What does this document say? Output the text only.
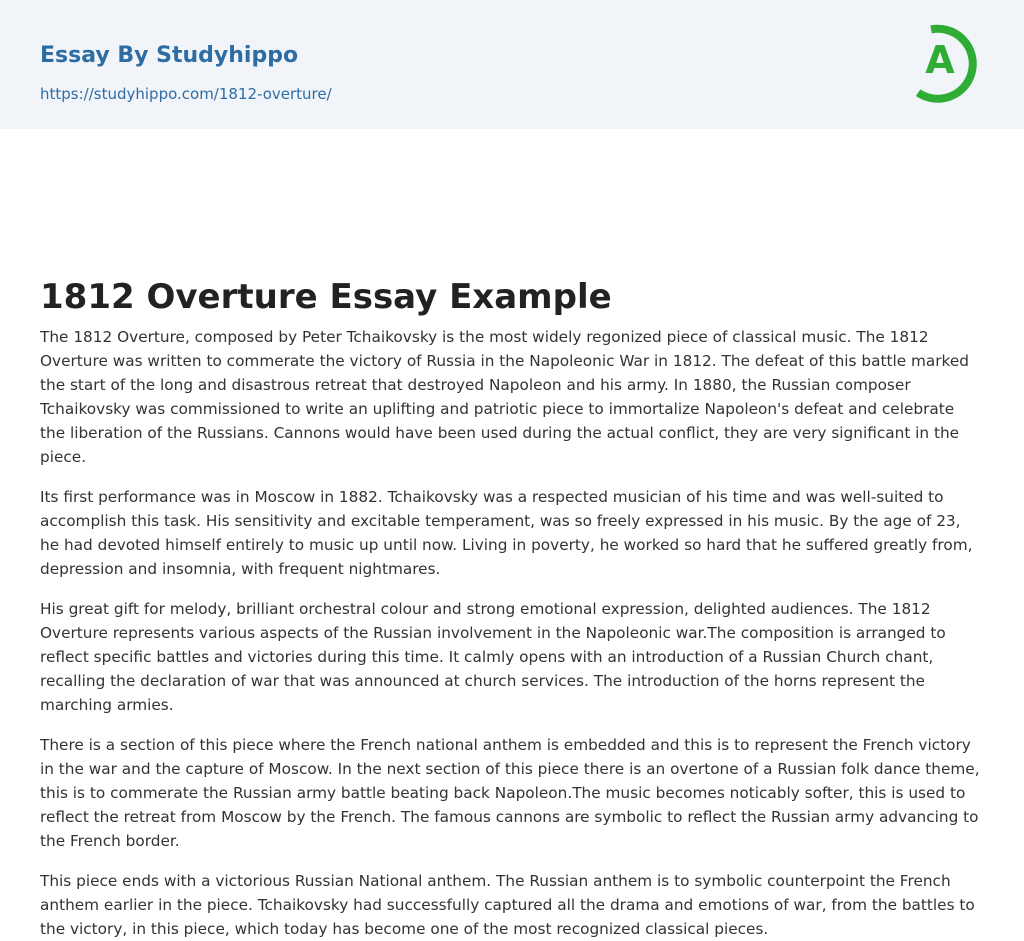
Essay By Studyhippo
https://studyhippo.com/1812-overture/
A
1812 Overture Essay Example

The 1812 Overture, composed by Peter Tchaikovsky is the most widely regonized piece of classical music. The 1812 Overture was written to commerate the victory of Russia in the Napoleonic War in 1812. The defeat of this battle marked the start of the long and disastrous retreat that destroyed Napoleon and his army. In 1880, the Russian composer Tchaikovsky was commissioned to write an uplifting and patriotic piece to immortalize Napoleon's defeat and celebrate the liberation of the Russians. Cannons would have been used during the actual conflict, they are very significant in the piece.

Its first performance was in Moscow in 1882. Tchaikovsky was a respected musician of his time and was well-suited to accomplish this task. His sensitivity and excitable temperament, was so freely expressed in his music. By the age of 23, he had devoted himself entirely to music up until now. Living in poverty, he worked so hard that he suffered greatly from, depression and insomnia, with frequent nightmares.

His great gift for melody, brilliant orchestral colour and strong emotional expression, delighted audiences. The 1812 Overture represents various aspects of the Russian involvement in the Napoleonic war.The composition is arranged to reflect specific battles and victories during this time. It calmly opens with an introduction of a Russian Church chant, recalling the declaration of war that was announced at church services. The introduction of the horns represent the marching armies.

There is a section of this piece where the French national anthem is embedded and this is to represent the French victory in the war and the capture of Moscow. In the next section of this piece there is an overtone of a Russian folk dance theme, this is to commerate the Russian army battle beating back Napoleon.The music becomes noticably softer, this is used to reflect the retreat from Moscow by the French. The famous cannons are symbolic to reflect the Russian army advancing to the French border.

This piece ends with a victorious Russian National anthem. The Russian anthem is to symbolic counterpoint the French anthem earlier in the piece. Tchaikovsky had successfully captured all the drama and emotions of war, from the battles to the victory, in this piece, which today has become one of the most recognized classical pieces.
